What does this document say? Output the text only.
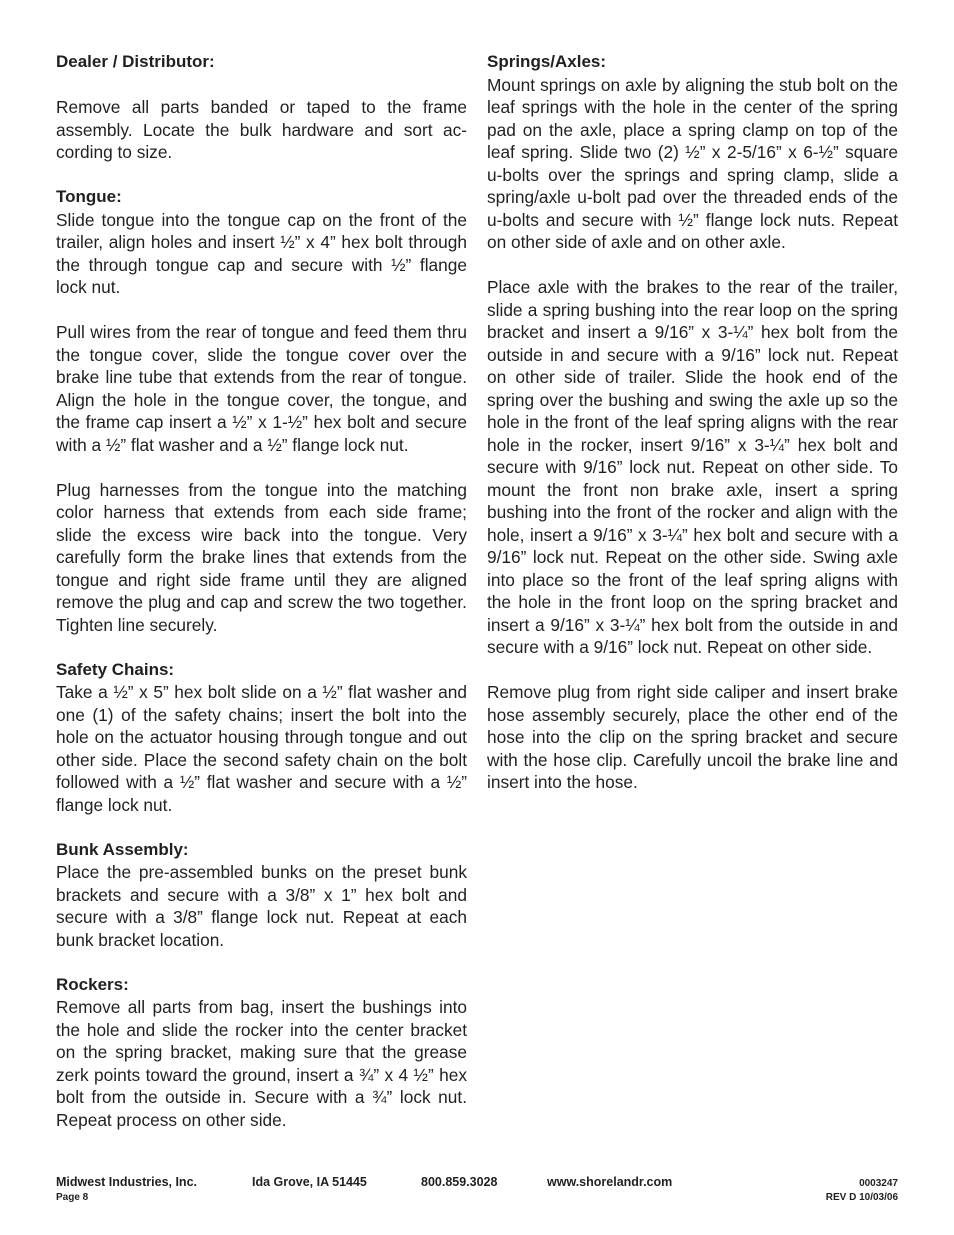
Dealer / Distributor:
Remove all parts banded or taped to the frame assembly. Locate the bulk hardware and sort according to size.
Tongue:
Slide tongue into the tongue cap on the front of the trailer, align holes and insert ½” x 4” hex bolt through the through tongue cap and secure with ½” flange lock nut.
Pull wires from the rear of tongue and feed them thru the tongue cover, slide the tongue cover over the brake line tube that extends from the rear of tongue. Align the hole in the tongue cover, the tongue, and the frame cap insert a ½” x 1-½” hex bolt and secure with a ½” flat washer and a ½” flange lock nut.
Plug harnesses from the tongue into the matching color harness that extends from each side frame; slide the excess wire back into the tongue. Very carefully form the brake lines that extends from the tongue and right side frame until they are aligned remove the plug and cap and screw the two together. Tighten line securely.
Safety Chains:
Take a ½” x 5” hex bolt slide on a ½” flat washer and one (1) of the safety chains; insert the bolt into the hole on the actuator housing through tongue and out other side. Place the second safety chain on the bolt followed with a ½” flat washer and secure with a ½” flange lock nut.
Bunk Assembly:
Place the pre-assembled bunks on the preset bunk brackets and secure with a 3/8” x 1” hex bolt and secure with a 3/8” flange lock nut. Repeat at each bunk bracket location.
Rockers:
Remove all parts from bag, insert the bushings into the hole and slide the rocker into the center bracket on the spring bracket, making sure that the grease zerk points toward the ground, insert a ¾” x 4 ½” hex bolt from the outside in. Secure with a ¾” lock nut. Repeat process on other side.
Springs/Axles:
Mount springs on axle by aligning the stub bolt on the leaf springs with the hole in the center of the spring pad on the axle, place a spring clamp on top of the leaf spring. Slide two (2) ½” x 2-5/16” x 6-½” square u-bolts over the springs and spring clamp, slide a spring/axle u-bolt pad over the threaded ends of the u-bolts and secure with ½” flange lock nuts. Repeat on other side of axle and on other axle.
Place axle with the brakes to the rear of the trailer, slide a spring bushing into the rear loop on the spring bracket and insert a 9/16” x 3-¼” hex bolt from the outside in and secure with a 9/16” lock nut. Repeat on other side of trailer. Slide the hook end of the spring over the bushing and swing the axle up so the hole in the front of the leaf spring aligns with the rear hole in the rocker, insert 9/16” x 3-¼” hex bolt and secure with 9/16” lock nut. Repeat on other side. To mount the front non brake axle, insert a spring bushing into the front of the rocker and align with the hole, insert a 9/16” x 3-¼” hex bolt and secure with a 9/16” lock nut. Repeat on the other side. Swing axle into place so the front of the leaf spring aligns with the hole in the front loop on the spring bracket and insert a 9/16” x 3-¼” hex bolt from the outside in and secure with a 9/16” lock nut. Repeat on other side.
Remove plug from right side caliper and insert brake hose assembly securely, place the other end of the hose into the clip on the spring bracket and secure with the hose clip. Carefully uncoil the brake line and insert into the hose.
Midwest Industries, Inc.	Ida Grove, IA 51445	800.859.3028	www.shorelandr.com	0003247
Page 8	REV D 10/03/06
